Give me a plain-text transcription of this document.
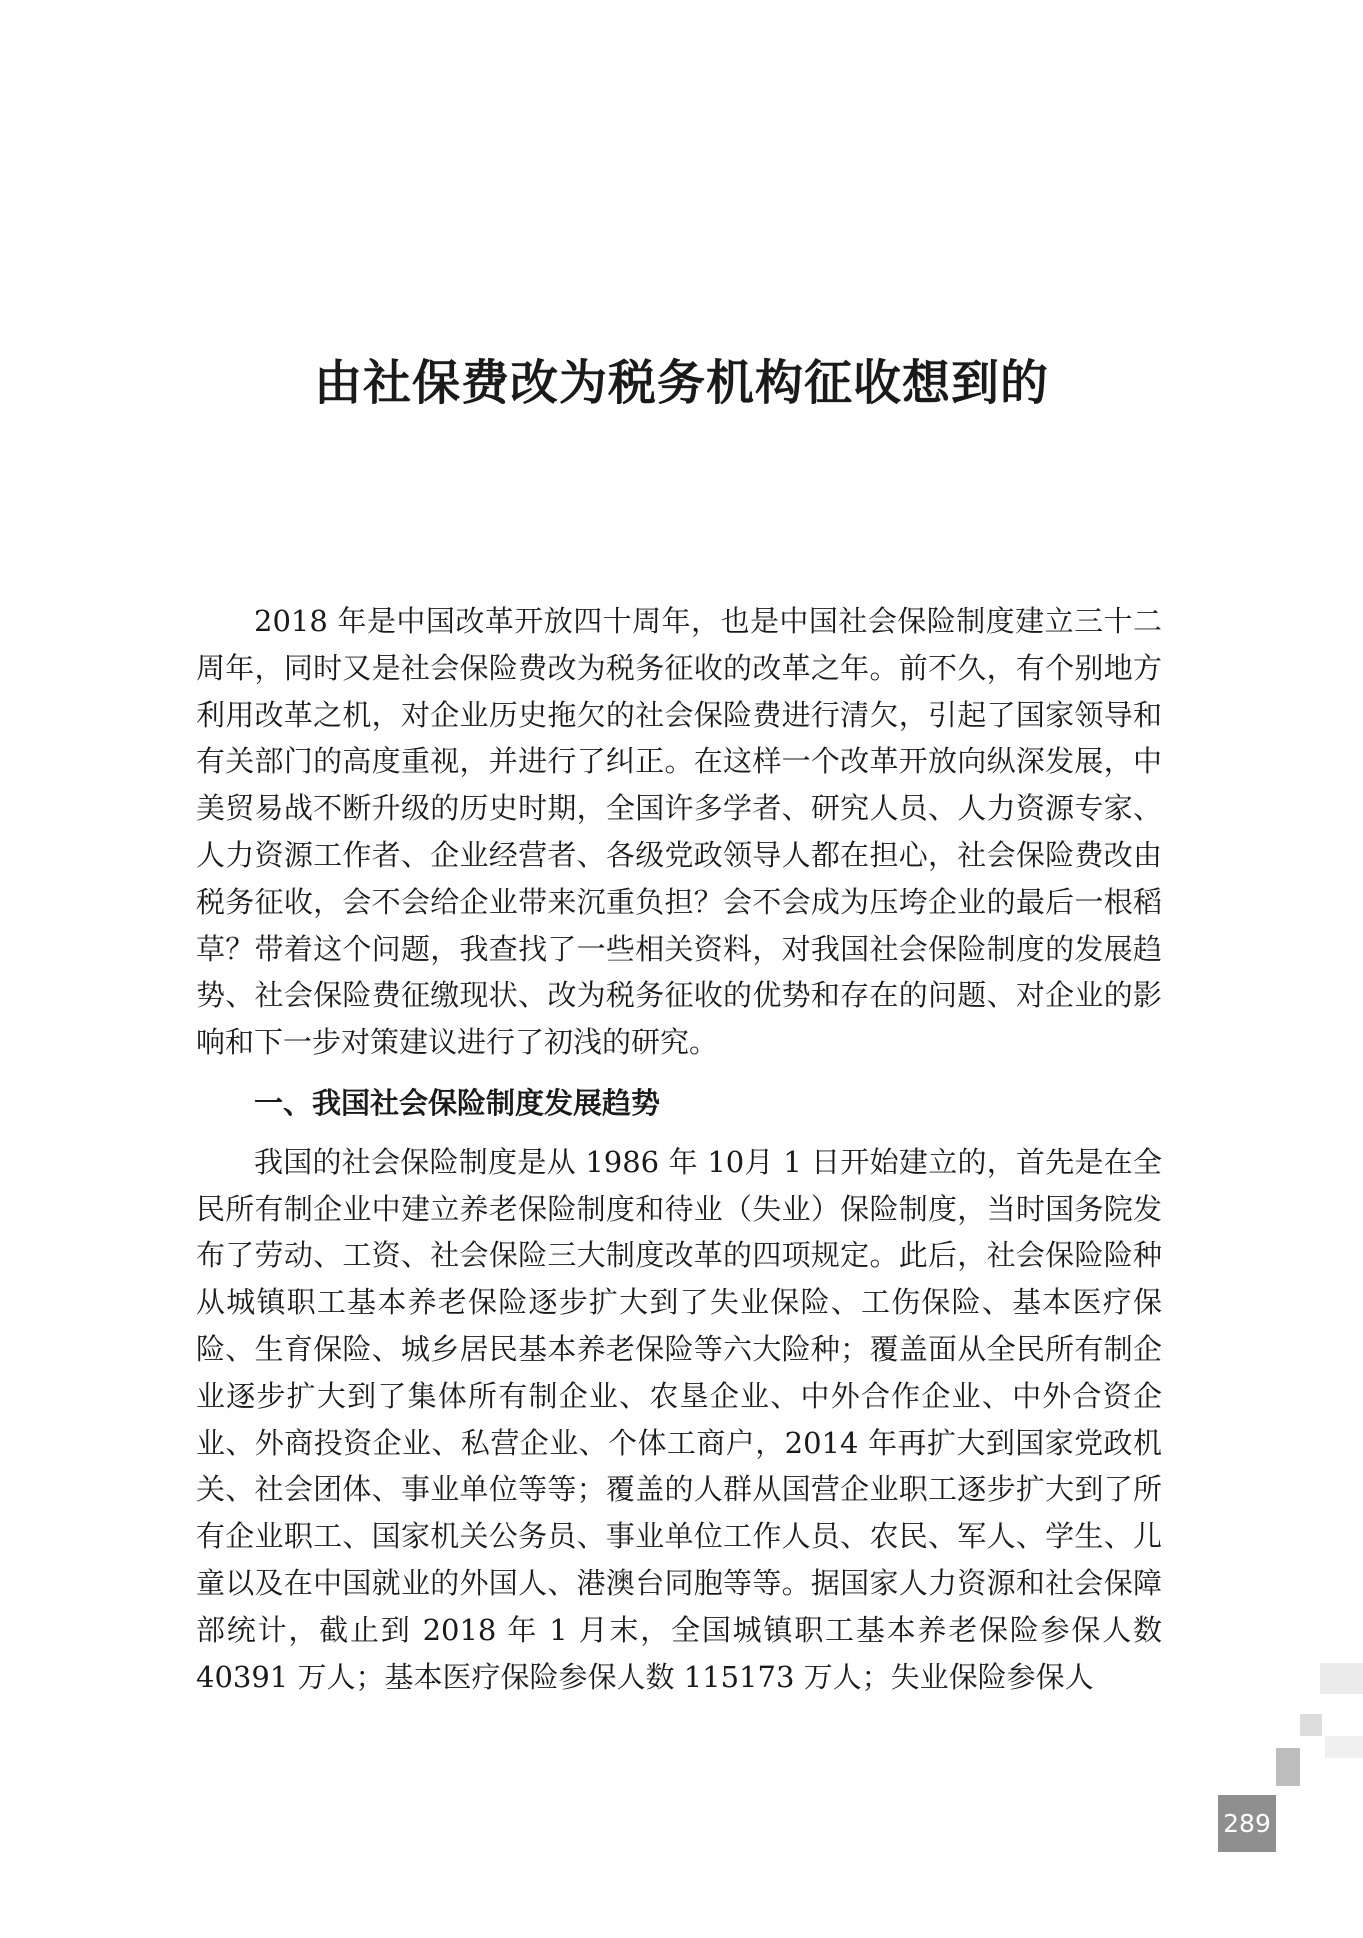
由社保费改为税务机构征收想到的

2018 年是中国改革开放四十周年，也是中国社会保险制度建立三十二周年，同时又是社会保险费改为税务征收的改革之年。前不久，有个别地方利用改革之机，对企业历史拖欠的社会保险费进行清欠，引起了国家领导和有关部门的高度重视，并进行了纠正。在这样一个改革开放向纵深发展，中美贸易战不断升级的历史时期，全国许多学者、研究人员、人力资源专家、人力资源工作者、企业经营者、各级党政领导人都在担心，社会保险费改由税务征收，会不会给企业带来沉重负担？会不会成为压垮企业的最后一根稻草？带着这个问题，我查找了一些相关资料，对我国社会保险制度的发展趋势、社会保险费征缴现状、改为税务征收的优势和存在的问题、对企业的影响和下一步对策建议进行了初浅的研究。

一、我国社会保险制度发展趋势

我国的社会保险制度是从 1986 年 10月 1 日开始建立的，首先是在全民所有制企业中建立养老保险制度和待业（失业）保险制度，当时国务院发布了劳动、工资、社会保险三大制度改革的四项规定。此后，社会保险险种从城镇职工基本养老保险逐步扩大到了失业保险、工伤保险、基本医疗保险、生育保险、城乡居民基本养老保险等六大险种；覆盖面从全民所有制企业逐步扩大到了集体所有制企业、农垦企业、中外合作企业、中外合资企业、外商投资企业、私营企业、个体工商户，2014 年再扩大到国家党政机关、社会团体、事业单位等等；覆盖的人群从国营企业职工逐步扩大到了所有企业职工、国家机关公务员、事业单位工作人员、农民、军人、学生、儿童以及在中国就业的外国人、港澳台同胞等等。据国家人力资源和社会保障部统计，截止到 2018 年 1 月末，全国城镇职工基本养老保险参保人数 40391 万人；基本医疗保险参保人数 115173 万人；失业保险参保人

289
